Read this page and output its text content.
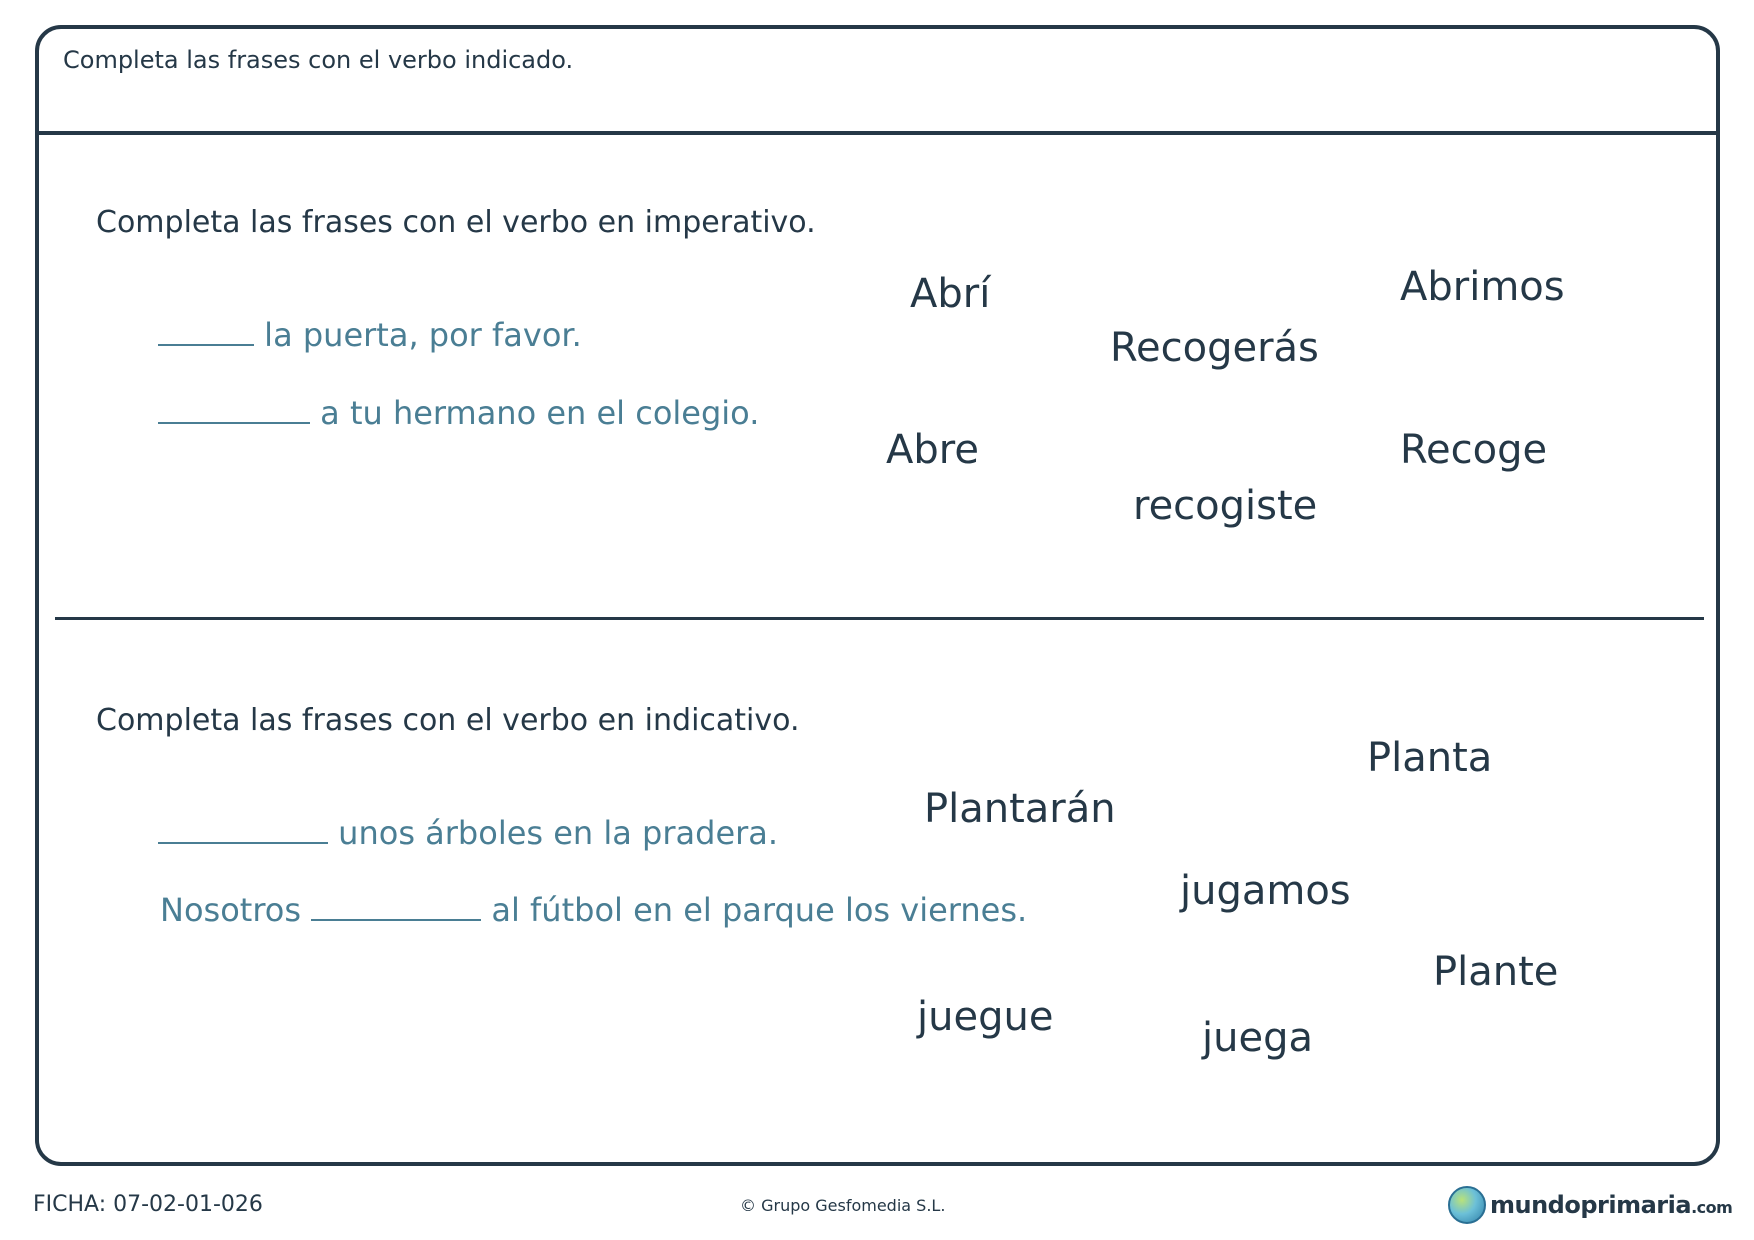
Completa las frases con el verbo indicado.
Completa las frases con el verbo en imperativo.
la puerta, por favor.
a tu hermano en el colegio.
Abrí	Abrimos
Recogerás
Abre	Recoge
recogiste
Completa las frases con el verbo en indicativo.
unos árboles en la pradera.
Nosotros	al fútbol en el parque los viernes.
Planta
Plantarán
jugamos
Plante
juegue	juega
FICHA: 07-02-01-026	© Grupo Gesfomedia S.L.	mundoprimaria.com
